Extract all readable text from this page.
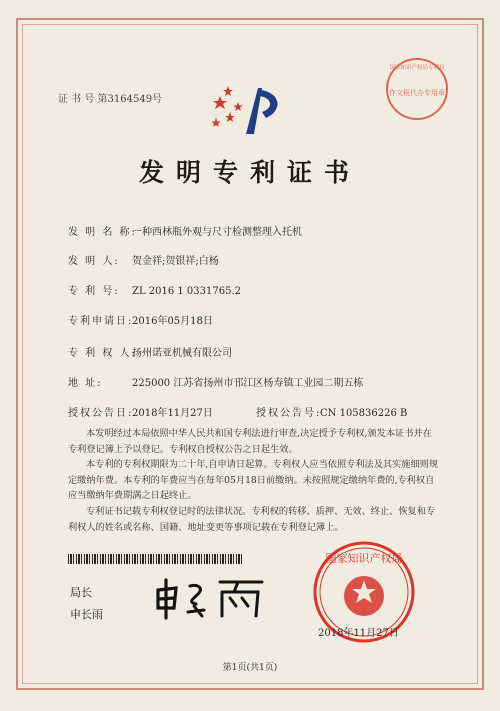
证 书 号 第3164549号
国家知识产权局专利局
作文税代办专用章
发明专利证书
发 明 名 称:一种西林瓶外观与尺寸检测整理入托机
发 明 人: 贺金祥;贺银祥;白杨
专 利 号: ZL 2016 1 0331765.2
专利申请日:2016年05月18日
专 利 权 人:扬州诺亚机械有限公司
地 址:	225000 江苏省扬州市邗江区杨寿镇工业园二期五栋
授权公告日:2018年11月27日	授权公告号:CN 105836226 B
本发明经过本局依照中华人民共和国专利法进行审查,决定授予专利权,颁发本证书并在专利登记簿上予以登记。专利权自授权公告之日起生效。
本专利的专利权期限为二十年,自申请日起算。专利权人应当依照专利法及其实施细则规定缴纳年费。本专利的年费应当在每年05月18日前缴纳。未按照规定缴纳年费的,专利权自应当缴纳年费期满之日起终止。
专利证书记载专利权登记时的法律状况。专利权的转移、质押、无效、终止、恢复和专利权人的姓名或名称、国籍、地址变更等事项记载在专利登记簿上。
局长
申长雨
国家知识产权局
2018年11月27日
第1页(共1页)
